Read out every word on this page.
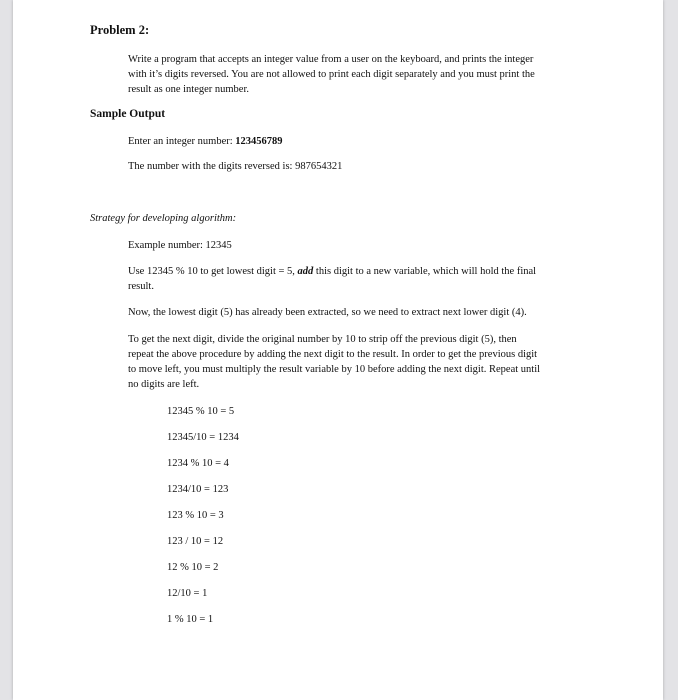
Problem 2:
Write a program that accepts an integer value from a user on the keyboard, and prints the integer
with it’s digits reversed. You are not allowed to print each digit separately and you must print the
result as one integer number.
Sample Output
Enter an integer number: 123456789
The number with the digits reversed is: 987654321
Strategy for developing algorithm:
Example number: 12345
Use 12345 % 10 to get lowest digit = 5, add this digit to a new variable, which will hold the final
result.
Now, the lowest digit (5) has already been extracted, so we need to extract next lower digit (4).
To get the next digit, divide the original number by 10 to strip off the previous digit (5), then
repeat the above procedure by adding the next digit to the result. In order to get the previous digit
to move left, you must multiply the result variable by 10 before adding the next digit. Repeat until
no digits are left.
12345 % 10 = 5
12345/10 = 1234
1234 % 10 = 4
1234/10 = 123
123 % 10 = 3
123 / 10 = 12
12 % 10 = 2
12/10 = 1
1 % 10 = 1
